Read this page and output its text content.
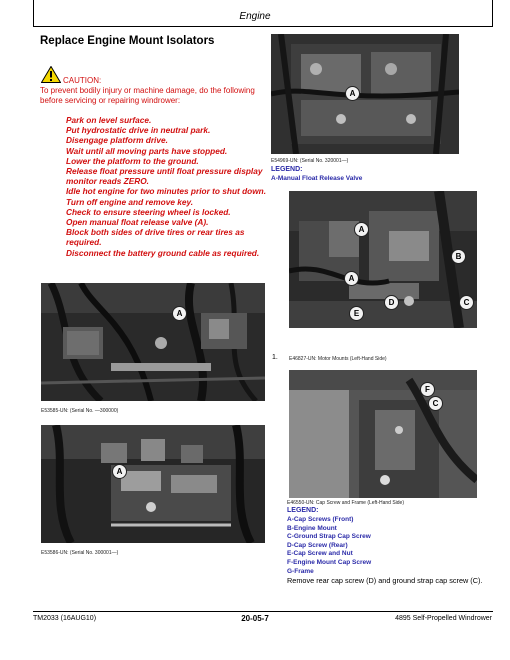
Engine
Replace Engine Mount Isolators
CAUTION:
To prevent bodily injury or machine damage, do the following before servicing or repairing windrower:
Park on level surface.
Put hydrostatic drive in neutral park.
Disengage platform drive.
Wait until all moving parts have stopped.
Lower the platform to the ground.
Release float pressure until float pressure display monitor reads ZERO.
Idle hot engine for two minutes prior to shut down.
Turn off engine and remove key.
Check to ensure steering wheel is locked.
Open manual float release valve (A).
Block both sides of drive tires or rear tires as required.
Disconnect the battery ground cable as required.
A
E53585-UN: (Serial No. —300000)
A
E53586-UN: (Serial No. 300001—)
A
E54969-UN: (Serial No. 320001—)
LEGEND:
A-Manual Float Release Valve
A
B
A
C
D
E
1. E46827-UN: Motor Mounts (Left-Hand Side)
F
C
E46550-UN: Cap Screw and Frame (Left-Hand Side)
LEGEND:
A-Cap Screws (Front)
B-Engine Mount
C-Ground Strap Cap Screw
D-Cap Screw (Rear)
E-Cap Screw and Nut
F-Engine Mount Cap Screw
G-Frame
Remove rear cap screw (D) and ground strap cap screw (C).
TM2033 (16AUG10)	20-05-7	4895 Self-Propelled Windrower
